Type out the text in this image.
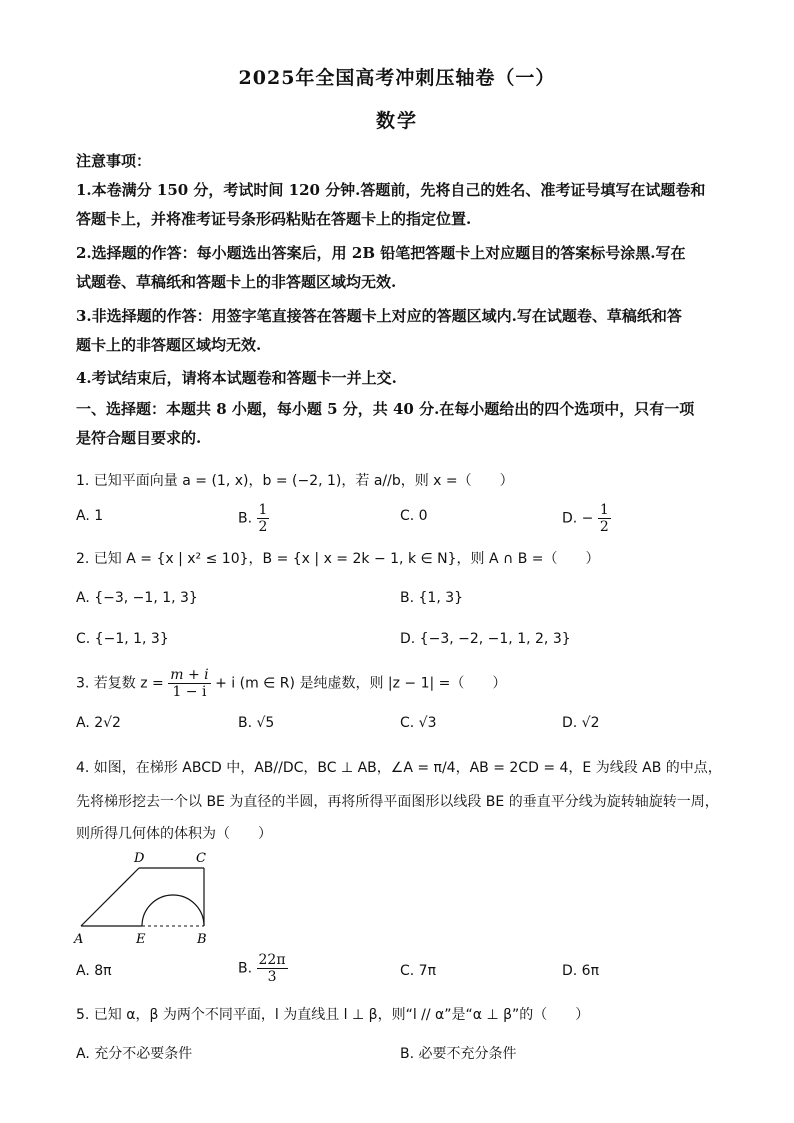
2025年全国高考冲刺压轴卷（一）
数学
注意事项：
1.本卷满分 150 分，考试时间 120 分钟.答题前，先将自己的姓名、准考证号填写在试题卷和
答题卡上，并将准考证号条形码粘贴在答题卡上的指定位置.
2.选择题的作答：每小题选出答案后，用 2B 铅笔把答题卡上对应题目的答案标号涂黑.写在
试题卷、草稿纸和答题卡上的非答题区域均无效.
3.非选择题的作答：用签字笔直接答在答题卡上对应的答题区域内.写在试题卷、草稿纸和答
题卡上的非答题区域均无效.
4.考试结束后，请将本试题卷和答题卡一并上交.
一、选择题：本题共 8 小题，每小题 5 分，共 40 分.在每小题给出的四个选项中，只有一项
是符合题目要求的.
1. 已知平面向量 a = (1, x)，b = (−2, 1)，若 a//b，则 x =（　　）
A. 1	B. $\frac{1}{2}$	C. 0	D. − $\frac{1}{2}$
2. 已知 A = {x | x² ≤ 10}，B = {x | x = 2k − 1, k ∈ N}，则 A ∩ B =（　　）
A. {−3, −1, 1, 3}	B. {1, 3}
C. {−1, 1, 3}	D. {−3, −2, −1, 1, 2, 3}
3. 若复数 $z = \frac{m + i}{1 - i} + i$ (m ∈ R) 是纯虚数，则 |z − 1| =（　　）
A. 2√2	B. √5	C. √3	D. √2
4. 如图，在梯形 ABCD 中，AB//DC，BC ⊥ AB，∠A = π/4，AB = 2CD = 4，E 为线段 AB 的中点，
先将梯形挖去一个以 BE 为直径的半圆，再将所得平面图形以线段 BE 的垂直平分线为旋转轴旋转一周，
则所得几何体的体积为（　　）
A	E	B
D	C
A. 8π	B. $\frac{22\pi}{3}$	C. 7π	D. 6π
5. 已知 α，β 为两个不同平面，l 为直线且 l ⊥ β，则“l // α”是“α ⊥ β”的（　　）
A. 充分不必要条件	B. 必要不充分条件
